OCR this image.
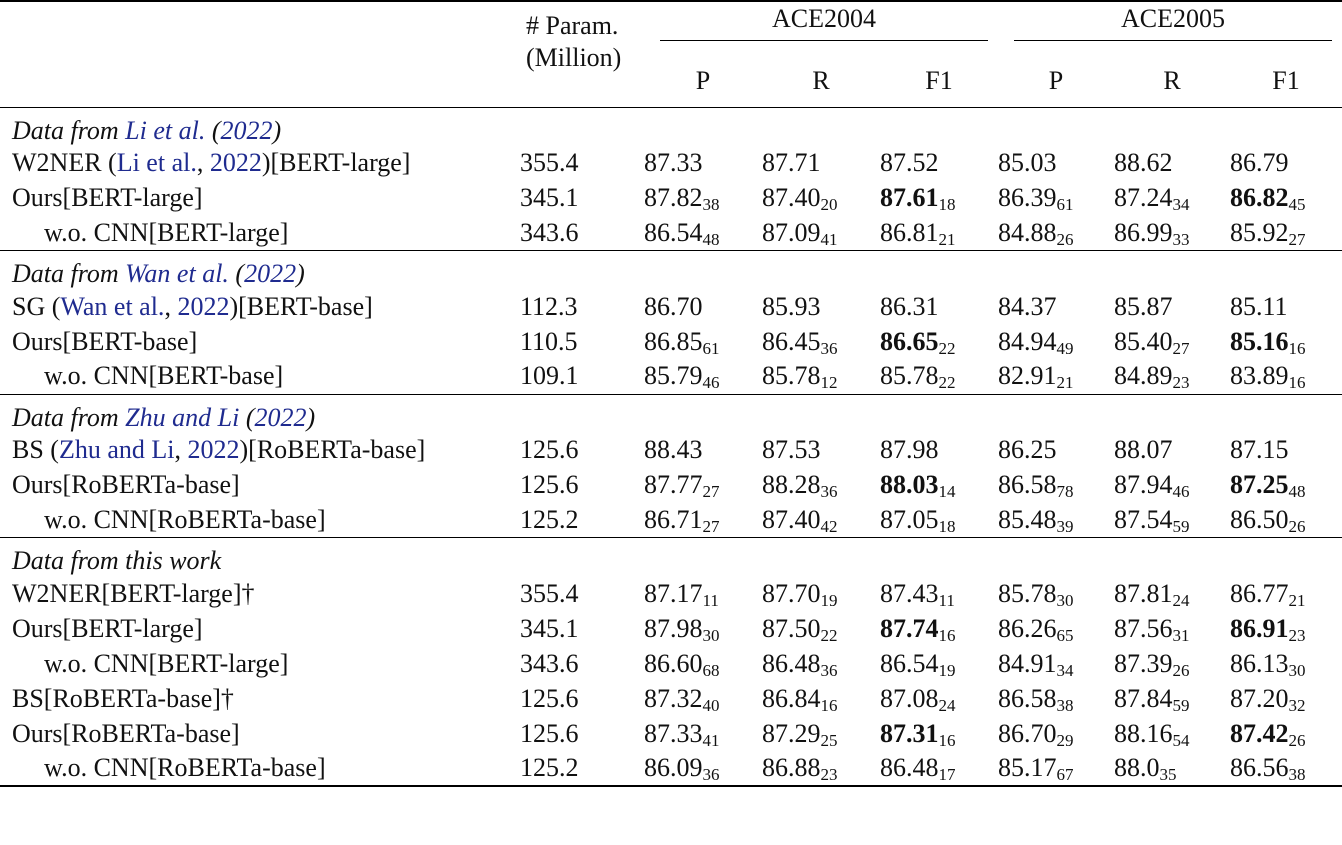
	# Param.	ACE2004			ACE2005			

	(Million)	P	R	F1	P	R	F1	
Data from Li et al. (2022)								
W2NER (Li et al., 2022)[BERT-large]	355.4	87.33	87.71	87.52	85.03	88.62	86.79	
Ours[BERT-large]	345.1	$87.82_{38}$	$87.40_{20}$	$87.61_{18}$	$86.39_{61}$	$87.24_{34}$	$86.82_{45}$	
w.o. CNN[BERT-large]	343.6	$86.54_{48}$	$87.09_{41}$	$86.81_{21}$	$84.88_{26}$	$86.99_{33}$	$85.92_{27}$	
Data from Wan et al. (2022)								
SG (Wan et al., 2022)[BERT-base]	112.3	86.70	85.93	86.31	84.37	85.87	85.11	
Ours[BERT-base]	110.5	$86.85_{61}$	$86.45_{36}$	$86.65_{22}$	$84.94_{49}$	$85.40_{27}$	$85.16_{16}$	
w.o. CNN[BERT-base]	109.1	$85.79_{46}$	$85.78_{12}$	$85.78_{22}$	$82.91_{21}$	$84.89_{23}$	$83.89_{16}$	
Data from Zhu and Li (2022)								
BS (Zhu and Li, 2022)[RoBERTa-base]	125.6	88.43	87.53	87.98	86.25	88.07	87.15	
Ours[RoBERTa-base]	125.6	$87.77_{27}$	$88.28_{36}$	$88.03_{14}$	$86.58_{78}$	$87.94_{46}$	$87.25_{48}$	
w.o. CNN[RoBERTa-base]	125.2	$86.71_{27}$	$87.40_{42}$	$87.05_{18}$	$85.48_{39}$	$87.54_{59}$	$86.50_{26}$	
Data from this work								
W2NER[BERT-large]†	355.4	$87.17_{11}$	$87.70_{19}$	$87.43_{11}$	$85.78_{30}$	$87.81_{24}$	$86.77_{21}$	
Ours[BERT-large]	345.1	$87.98_{30}$	$87.50_{22}$	$87.74_{16}$	$86.26_{65}$	$87.56_{31}$	$86.91_{23}$	
w.o. CNN[BERT-large]	343.6	$86.60_{68}$	$86.48_{36}$	$86.54_{19}$	$84.91_{34}$	$87.39_{26}$	$86.13_{30}$	
BS[RoBERTa-base]†	125.6	$87.32_{40}$	$86.84_{16}$	$87.08_{24}$	$86.58_{38}$	$87.84_{59}$	$87.20_{32}$	
Ours[RoBERTa-base]	125.6	$87.33_{41}$	$87.29_{25}$	$87.31_{16}$	$86.70_{29}$	$88.16_{54}$	$87.42_{26}$	
w.o. CNN[RoBERTa-base]	125.2	$86.09_{36}$	$86.88_{23}$	$86.48_{17}$	$85.17_{67}$	$88.0_{35}$	$86.56_{38}$	
